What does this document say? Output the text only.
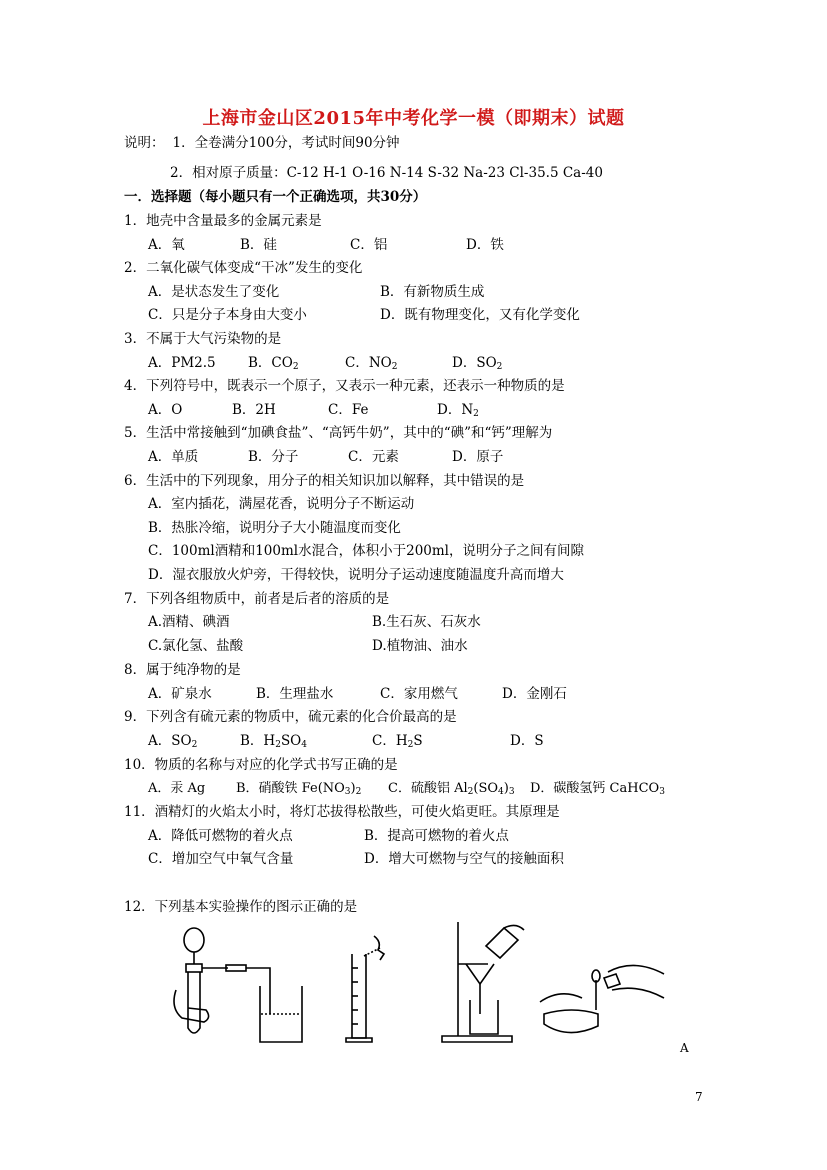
上海市金山区2015年中考化学一模（即期末）试题
说明： 1．全卷满分100分，考试时间90分钟
2．相对原子质量：C-12 H-1 O-16 N-14 S-32 Na-23 Cl-35.5 Ca-40
一．选择题（每小题只有一个正确选项，共30分）
1．地壳中含量最多的金属元素是
A．氧	B．硅	C．铝	D．铁
2．二氧化碳气体变成“干冰”发生的变化
A．是状态发生了变化	B．有新物质生成
C．只是分子本身由大变小	D．既有物理变化，又有化学变化
3．不属于大气污染物的是
A．PM2.5 B．$CO_2$	C．$NO_2$	D．$SO_2$
4．下列符号中，既表示一个原子，又表示一种元素，还表示一种物质的是
A．O	B．2H	C．Fe	D．$N_2$
5．生活中常接触到“加碘食盐”、“高钙牛奶”，其中的“碘”和“钙”理解为
A．单质	B．分子	C．元素	D．原子
6．生活中的下列现象，用分子的相关知识加以解释，其中错误的是
A．室内插花，满屋花香，说明分子不断运动
B．热胀冷缩，说明分子大小随温度而变化
C．100ml酒精和100ml水混合，体积小于200ml，说明分子之间有间隙
D．湿衣服放火炉旁，干得较快，说明分子运动速度随温度升高而增大
7．下列各组物质中，前者是后者的溶质的是
A.酒精、碘酒	B.生石灰、石灰水
C.氯化氢、盐酸	D.植物油、油水
8．属于纯净物的是
A．矿泉水	B．生理盐水	C．家用燃气	D．金刚石
9．下列含有硫元素的物质中，硫元素的化合价最高的是
A．$SO_2$	B．$H_2SO_4$	C．$H_2S$	D．S
10．物质的名称与对应的化学式书写正确的是
A．汞 Ag B．硝酸铁 $Fe(NO_3)_2$ C．硫酸铝 $Al_2(SO_4)_3$ D．碳酸氢钙 CaHCO$_3$
11．酒精灯的火焰太小时，将灯芯拔得松散些，可使火焰更旺。其原理是
A．降低可燃物的着火点	B．提高可燃物的着火点
C．增加空气中氧气含量	D．增大可燃物与空气的接触面积
12．下列基本实验操作的图示正确的是
A
7
